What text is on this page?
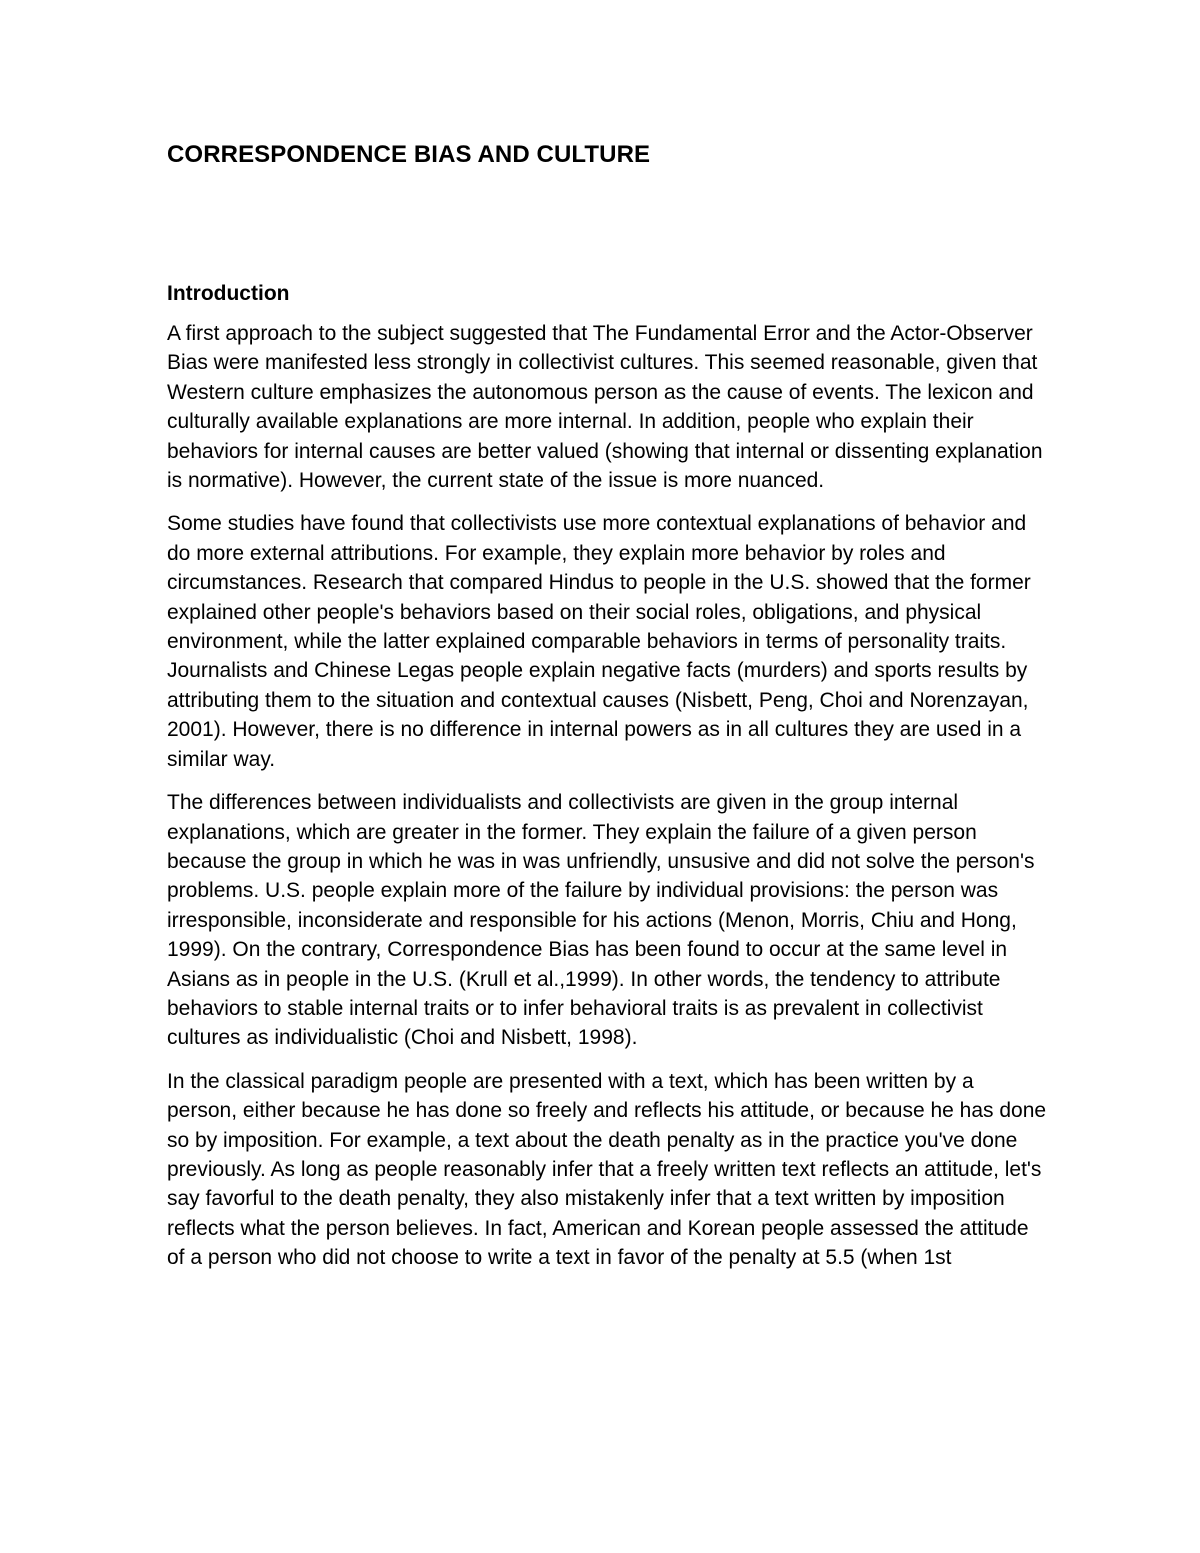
CORRESPONDENCE BIAS AND CULTURE
Introduction

A first approach to the subject suggested that The Fundamental Error and the Actor-Observer Bias were manifested less strongly in collectivist cultures. This seemed reasonable, given that Western culture emphasizes the autonomous person as the cause of events. The lexicon and culturally available explanations are more internal. In addition, people who explain their behaviors for internal causes are better valued (showing that internal or dissenting explanation is normative). However, the current state of the issue is more nuanced.

Some studies have found that collectivists use more contextual explanations of behavior and do more external attributions. For example, they explain more behavior by roles and circumstances. Research that compared Hindus to people in the U.S. showed that the former explained other people's behaviors based on their social roles, obligations, and physical environment, while the latter explained comparable behaviors in terms of personality traits. Journalists and Chinese Legas people explain negative facts (murders) and sports results by attributing them to the situation and contextual causes (Nisbett, Peng, Choi and Norenzayan, 2001). However, there is no difference in internal powers as in all cultures they are used in a similar way.

The differences between individualists and collectivists are given in the group internal explanations, which are greater in the former. They explain the failure of a given person because the group in which he was in was unfriendly, unsusive and did not solve the person's problems. U.S. people explain more of the failure by individual provisions: the person was irresponsible, inconsiderate and responsible for his actions (Menon, Morris, Chiu and Hong, 1999). On the contrary, Correspondence Bias has been found to occur at the same level in Asians as in people in the U.S. (Krull et al.,1999). In other words, the tendency to attribute behaviors to stable internal traits or to infer behavioral traits is as prevalent in collectivist cultures as individualistic (Choi and Nisbett, 1998).

In the classical paradigm people are presented with a text, which has been written by a person, either because he has done so freely and reflects his attitude, or because he has done so by imposition. For example, a text about the death penalty as in the practice you've done previously. As long as people reasonably infer that a freely written text reflects an attitude, let's say favorful to the death penalty, they also mistakenly infer that a text written by imposition reflects what the person believes. In fact, American and Korean people assessed the attitude of a person who did not choose to write a text in favor of the penalty at 5.5 (when 1st
